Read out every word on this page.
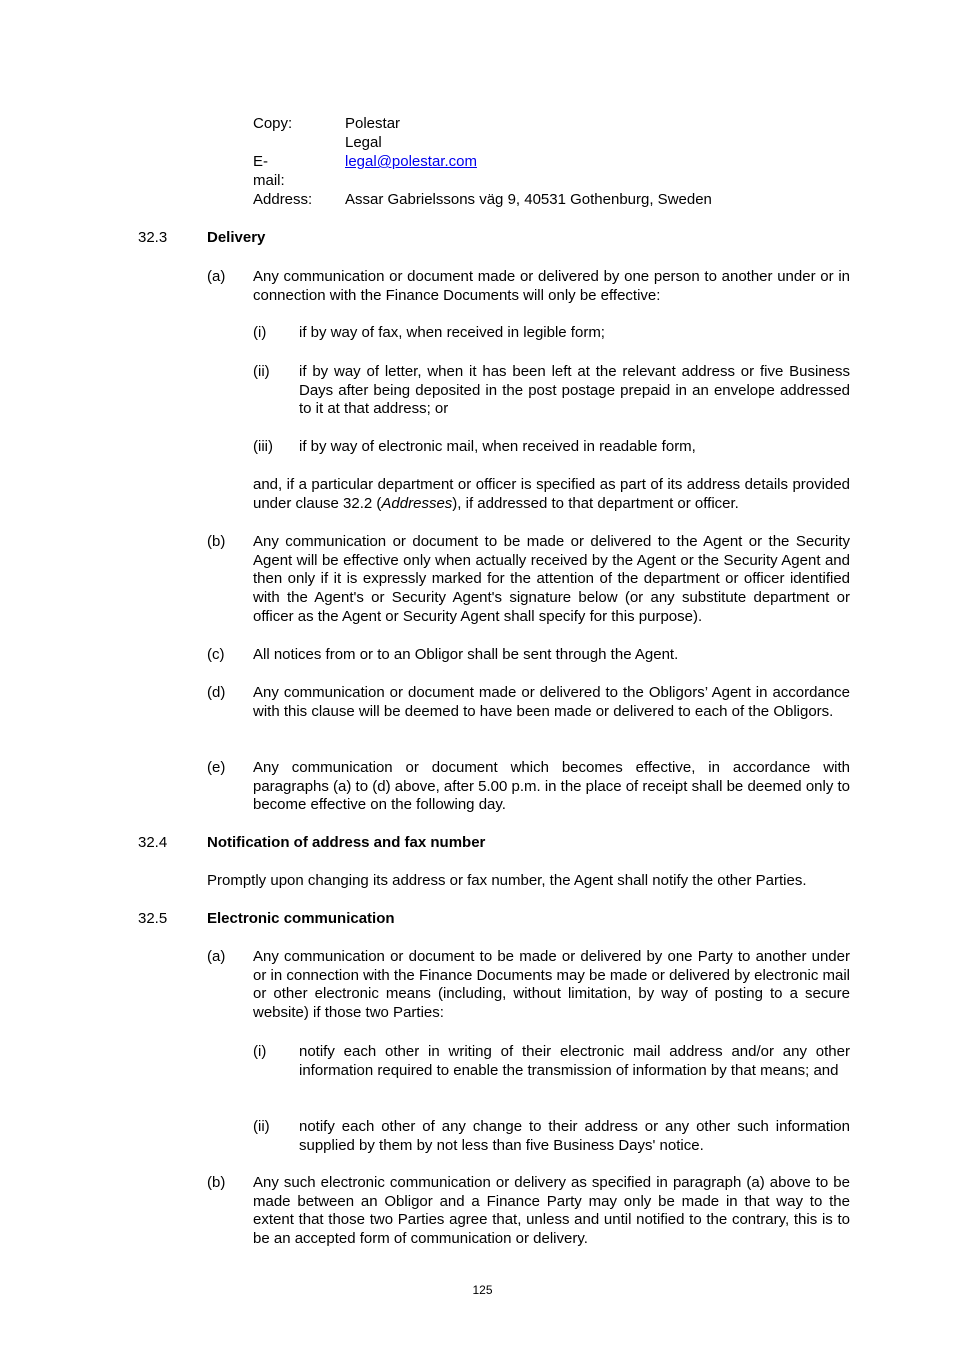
Copy:	Polestar Legal
E-mail:
legal@polestar.com
Address: Assar Gabrielssons väg 9, 40531 Gothenburg, Sweden
32.3	Delivery
(a) Any communication or document made or delivered by one person to another under or in connection with the Finance Documents will only be effective:
(i) if by way of fax, when received in legible form;
(ii) if by way of letter, when it has been left at the relevant address or five Business Days after being deposited in the post postage prepaid in an envelope addressed to it at that address; or
(iii) if by way of electronic mail, when received in readable form,
and, if a particular department or officer is specified as part of its address details provided under clause 32.2 (Addresses), if addressed to that department or officer.
(b) Any communication or document to be made or delivered to the Agent or the Security Agent will be effective only when actually received by the Agent or the Security Agent and then only if it is expressly marked for the attention of the department or officer identified with the Agent's or Security Agent's signature below (or any substitute department or officer as the Agent or Security Agent shall specify for this purpose).
(c) All notices from or to an Obligor shall be sent through the Agent.
(d) Any communication or document made or delivered to the Obligors’ Agent in accordance with this clause will be deemed to have been made or delivered to each of the Obligors.
(e) Any communication or document which becomes effective, in accordance with paragraphs (a) to (d) above, after 5.00 p.m. in the place of receipt shall be deemed only to become effective on the following day.
32.4	Notification of address and fax number
Promptly upon changing its address or fax number, the Agent shall notify the other Parties.
32.5	Electronic communication
(a) Any communication or document to be made or delivered by one Party to another under or in connection with the Finance Documents may be made or delivered by electronic mail or other electronic means (including, without limitation, by way of posting to a secure website) if those two Parties:
(i) notify each other in writing of their electronic mail address and/or any other information required to enable the transmission of information by that means; and
(ii) notify each other of any change to their address or any other such information supplied by them by not less than five Business Days' notice.
(b) Any such electronic communication or delivery as specified in paragraph (a) above to be made between an Obligor and a Finance Party may only be made in that way to the extent that those two Parties agree that, unless and until notified to the contrary, this is to be an accepted form of communication or delivery.
125
